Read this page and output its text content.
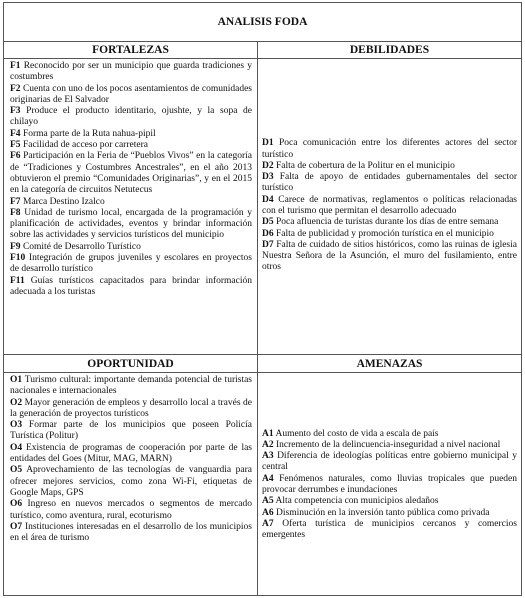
ANALISIS FODA
FORTALEZAS	DEBILIDADES

F1 Reconocido por ser un municipio que guarda tradiciones y costumbres

F2 Cuenta con uno de los pocos asentamientos de comunidades originarias de El Salvador

F3 Produce el producto identitario, ojushte, y la sopa de chilayo

F4 Forma parte de la Ruta nahua-pipil

F5 Facilidad de acceso por carretera

F6 Participación en la Feria de “Pueblos Vivos” en la categoría de “Tradiciones y Costumbres Ancestrales”, en el año 2013 obtuvieron el premio “Comunidades Originarias”, y en el 2015 en la categoría de circuitos Netutecus

F7 Marca Destino Izalco

F8 Unidad de turismo local, encargada de la programación y planificación de actividades, eventos y brindar información sobre las actividades y servicios turísticos del municipio

F9 Comité de Desarrollo Turístico

F10 Integración de grupos juveniles y escolares en proyectos de desarrollo turístico

F11 Guías turísticos capacitados para brindar información adecuada a los turistas

D1 Poca comunicación entre los diferentes actores del sector turístico

D2 Falta de cobertura de la Politur en el municipio

D3 Falta de apoyo de entidades gubernamentales del sector turístico

D4 Carece de normativas, reglamentos o políticas relacionadas con el turismo que permitan el desarrollo adecuado

D5 Poca afluencia de turistas durante los días de entre semana

D6 Falta de publicidad y promoción turística en el municipio

D7 Falta de cuidado de sitios históricos, como las ruinas de iglesia Nuestra Señora de la Asunción, el muro del fusilamiento, entre otros

OPORTUNIDAD	AMENAZAS

O1 Turismo cultural: importante demanda potencial de turistas nacionales e internacionales

O2 Mayor generación de empleos y desarrollo local a través de la generación de proyectos turísticos

O3 Formar parte de los municipios que poseen Policía Turística (Politur)

O4 Existencia de programas de cooperación por parte de las entidades del Goes (Mitur, MAG, MARN)

O5 Aprovechamiento de las tecnologías de vanguardia para ofrecer mejores servicios, como zona Wi-Fi, etiquetas de Google Maps, GPS

O6 Ingreso en nuevos mercados o segmentos de mercado turístico, como aventura, rural, ecoturismo

O7 Instituciones interesadas en el desarrollo de los municipios en el área de turismo

A1 Aumento del costo de vida a escala de país

A2 Incremento de la delincuencia-inseguridad a nivel nacional

A3 Diferencia de ideologías políticas entre gobierno municipal y central

A4 Fenómenos naturales, como lluvias tropicales que pueden provocar derrumbes e inundaciones

A5 Alta competencia con municipios aledaños

A6 Disminución en la inversión tanto pública como privada

A7 Oferta turística de municipios cercanos y comercios emergentes
